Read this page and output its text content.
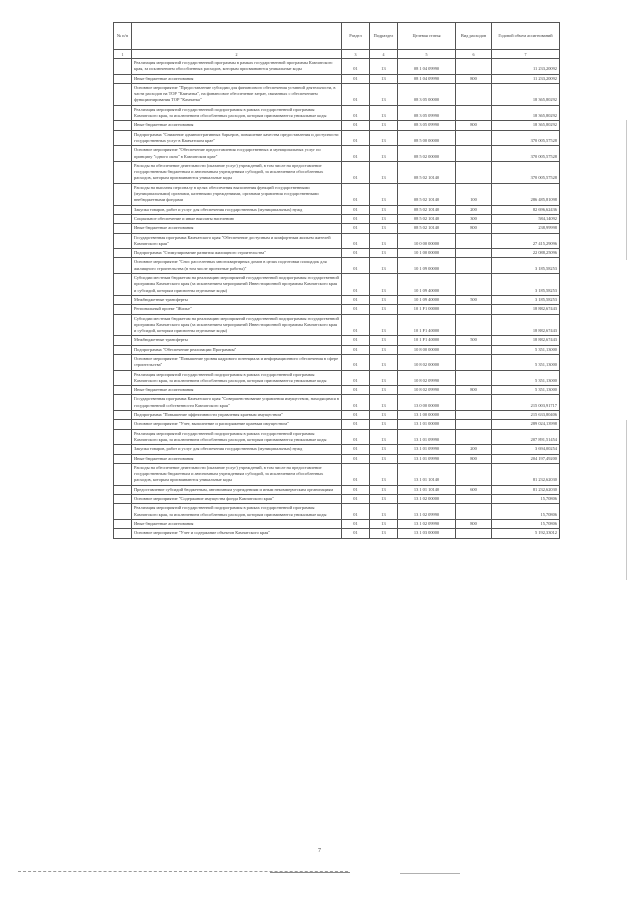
№ п/п		Раздел	Подраздел	Целевая статья	Вид расходов	Годовой объем ассигнований
1	2	3	4	5	6	7
	Реализация мероприятий государственной программы в рамках государственной программы Камчатского края, за исключением обособленных расходов, которым присваиваются уникальные коды	01	13	08 1 04 09990		11 233,20092
	Иные бюджетные ассигнования	01	13	08 1 04 09990	800	11 233,20092
	Основное мероприятие "Предоставление субсидии для финансового обеспечения уставной деятельности, в части расходов на ТОР "Камчатка", на финансовое обеспечение затрат, связанных с обеспечением функционирования ТОР "Камчатка"	01	13	08 3 05 00000		18 365,80292
	Реализация мероприятий государственной подпрограммы в рамках государственной программы Камчатского края, за исключением обособленных расходов, которым присваиваются уникальные коды	01	13	08 3 05 09990		18 365,80292
	Иные бюджетные ассигнования	01	13	08 3 05 09990	800	18 365,80292
	Подпрограмма "Снижение административных барьеров, повышение качества предоставления и доступности государственных услуг в Камчатском крае"	01	13	08 5 00 00000		370 005,57528
	Основное мероприятие "Обеспечение предоставления государственных и муниципальных услуг по принципу "одного окна" в Камчатском крае"	01	13	08 5 02 00000		370 005,57528
	Расходы на обеспечение деятельности (оказание услуг) учреждений, в том числе на предоставление государственным бюджетным и автономным учреждениям субсидий, за исключением обособленных расходов, которым присваиваются уникальные коды	01	13	08 5 02 10140		370 005,57528
	Расходы на выплаты персоналу в целях обеспечения выполнения функций государственными (муниципальными) органами, казенными учреждениями, органами управления государственными внебюджетными фондами	01	13	08 5 02 10140	100	286 485,81098
	Закупка товаров, работ и услуг для обеспечения государственных (муниципальных) нужд	01	13	08 5 02 10140	200	82 696,62436
	Социальное обеспечение и иные выплаты населению	01	13	08 5 02 10140	300	584,14092
	Иные бюджетные ассигнования	01	13	08 5 02 10140	800	238,99998
	Государственная программа Камчатского края "Обеспечение доступным и комфортным жильем жителей Камчатского края"	01	13	10 0 00 00000		27 415,29096
	Подпрограмма "Стимулирование развития жилищного строительства"	01	13	10 1 00 00000		22 088,25096
	Основное мероприятие "Снос расселенных многоквартирных домов в целях подготовки площадок для жилищного строительства (в том числе проектные работы)"	01	13	10 1 09 00000		3 185,58253
	Субсидии местным бюджетам на реализацию мероприятий государственной подпрограммы государственной программы Камчатского края (за исключением мероприятий Инвестиционной программы Камчатского края и субсидий, которым присвоены отдельные коды)	01	13	10 1 09 40000		3 185,58253
	Межбюджетные трансферты	01	13	10 1 09 40000	500	3 185,58253
	Региональный проект "Жилье"	01	13	10 1 F1 00000		18 882,67443
	Субсидии местным бюджетам на реализацию мероприятий государственной подпрограммы государственной программы Камчатского края (за исключением мероприятий Инвестиционной программы Камчатского края и субсидий, которым присвоены отдельные коды)	01	13	10 1 F1 40000		18 882,67443
	Межбюджетные трансферты	01	13	10 1 F1 40000	500	18 882,67443
	Подпрограмма "Обеспечение реализации Программы"	01	13	10 8 00 00000		5 351,13000
	Основное мероприятие "Повышение уровня кадрового потенциала и информационного обеспечения в сфере строительства"	01	13	10 8 02 00000		5 351,13000
	Реализация мероприятий государственной подпрограммы в рамках государственной программы Камчатского края, за исключением обособленных расходов, которым присваиваются уникальные коды	01	13	10 8 02 09990		5 351,13000
	Иные бюджетные ассигнования	01	13	10 8 02 09990	800	5 351,13000
	Государственная программа Камчатского края "Совершенствование управления имуществом, находящимся в государственной собственности Камчатского края"	01	13	13 0 00 00000		215 003,91717
	Подпрограмма "Повышение эффективности управления краевым имуществом"	01	13	13 1 00 00000		215 633,80406
	Основное мероприятие "Учет, выполнение и распоряжение краевым имуществом"	01	13	13 1 01 00000		289 024,13998
	Реализация мероприятий государственной подпрограммы в рамках государственной программы Камчатского края, за исключением обособленных расходов, которым присваиваются уникальные коды	01	13	13 1 01 09990		207 891,51454
	Закупка товаров, работ и услуг для обеспечения государственных (муниципальных) нужд	01	13	13 1 01 09990	200	3 694,00254
	Иные бюджетные ассигнования	01	13	13 1 01 09990	800	204 197,49200
	Расходы на обеспечение деятельности (оказание услуг) учреждений, в том числе на предоставление государственным бюджетным и автономным учреждениям субсидий, за исключением обособленных расходов, которым присваиваются уникальные коды	01	13	13 1 01 10140		81 232,62030
	Предоставление субсидий бюджетным, автономным учреждениям и иным некоммерческим организациям	01	13	13 1 01 10140	600	81 232,62030
	Основное мероприятие "Содержание имущества фонда Камчатского края"	01	13	13 1 02 00000		15,70806
	Реализация мероприятий государственной подпрограммы в рамках государственной программы Камчатского края, за исключением обособленных расходов, которым присваиваются уникальные коды	01	13	13 1 02 09990		15,70806
	Иные бюджетные ассигнования	01	13	13 1 02 09990	800	15,70806
	Основное мероприятие "Учет и содержание объектов Камчатского края"	01	13	13 1 03 00000		5 192,33012
7
